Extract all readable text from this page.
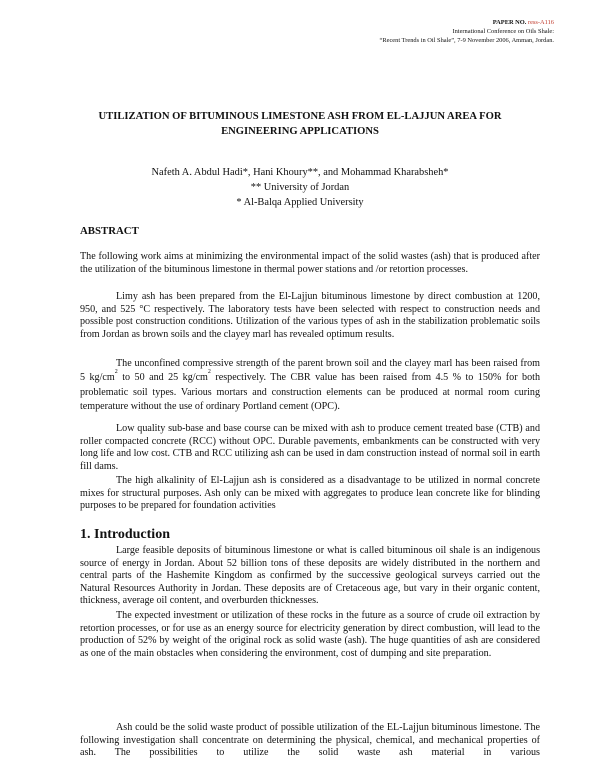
PAPER NO. ress-A116
International Conference on Oils Shale:
“Recent Trends in Oil Shale”, 7-9 November 2006, Amman, Jordan.
UTILIZATION OF BITUMINOUS LIMESTONE ASH FROM EL-LAJJUN AREA FOR ENGINEERING APPLICATIONS
Nafeth A. Abdul Hadi*, Hani Khoury**, and Mohammad Kharabsheh*
** University of Jordan
* Al-Balqa Applied University
ABSTRACT
The following work aims at minimizing the environmental impact of the solid wastes (ash) that is produced after the utilization of the bituminous limestone in thermal power stations and /or retortion processes.
Limy ash has been prepared from the El-Lajjun bituminous limestone by direct combustion at 1200, 950, and 525 °C respectively. The laboratory tests have been selected with respect to construction needs and possible post construction conditions. Utilization of the various types of ash in the stabilization problematic soils from Jordan as brown soils and the clayey marl has revealed optimum results.
The unconfined compressive strength of the parent brown soil and the clayey marl has been raised from 5 $kg/cm^2$ to 50 and 25 $kg/cm^2$ respectively. The CBR value has been raised from 4.5 % to 150% for both problematic soil types. Various mortars and construction elements can be produced at normal room curing temperature without the use of ordinary Portland cement (OPC).
Low quality sub-base and base course can be mixed with ash to produce cement treated base (CTB) and roller compacted concrete (RCC) without OPC. Durable pavements, embankments can be constructed with very long life and low cost. CTB and RCC utilizing ash can be used in dam construction instead of normal soil in earth fill dams.
The high alkalinity of El-Lajjun ash is considered as a disadvantage to be utilized in normal concrete mixes for structural purposes. Ash only can be mixed with aggregates to produce lean concrete like for blinding purposes to be prepared for foundation activities
1. Introduction
Large feasible deposits of bituminous limestone or what is called bituminous oil shale is an indigenous source of energy in Jordan. About 52 billion tons of these deposits are widely distributed in the northern and central parts of the Hashemite Kingdom as confirmed by the successive geological surveys carried out the Natural Resources Authority in Jordan. These deposits are of Cretaceous age, but vary in their organic content, thickness, average oil content, and overburden thicknesses.
The expected investment or utilization of these rocks in the future as a source of crude oil extraction by retortion processes, or for use as an energy source for electricity generation by direct combustion, will lead to the production of 52% by weight of the original rock as solid waste (ash). The huge quantities of ash are considered as one of the main obstacles when considering the environment, cost of dumping and site preparation.
Ash could be the solid waste product of possible utilization of the EL-Lajjun bituminous limestone. The following investigation shall concentrate on determining the physical, chemical, and mechanical properties of ash. The possibilities to utilize the solid waste ash material in various
